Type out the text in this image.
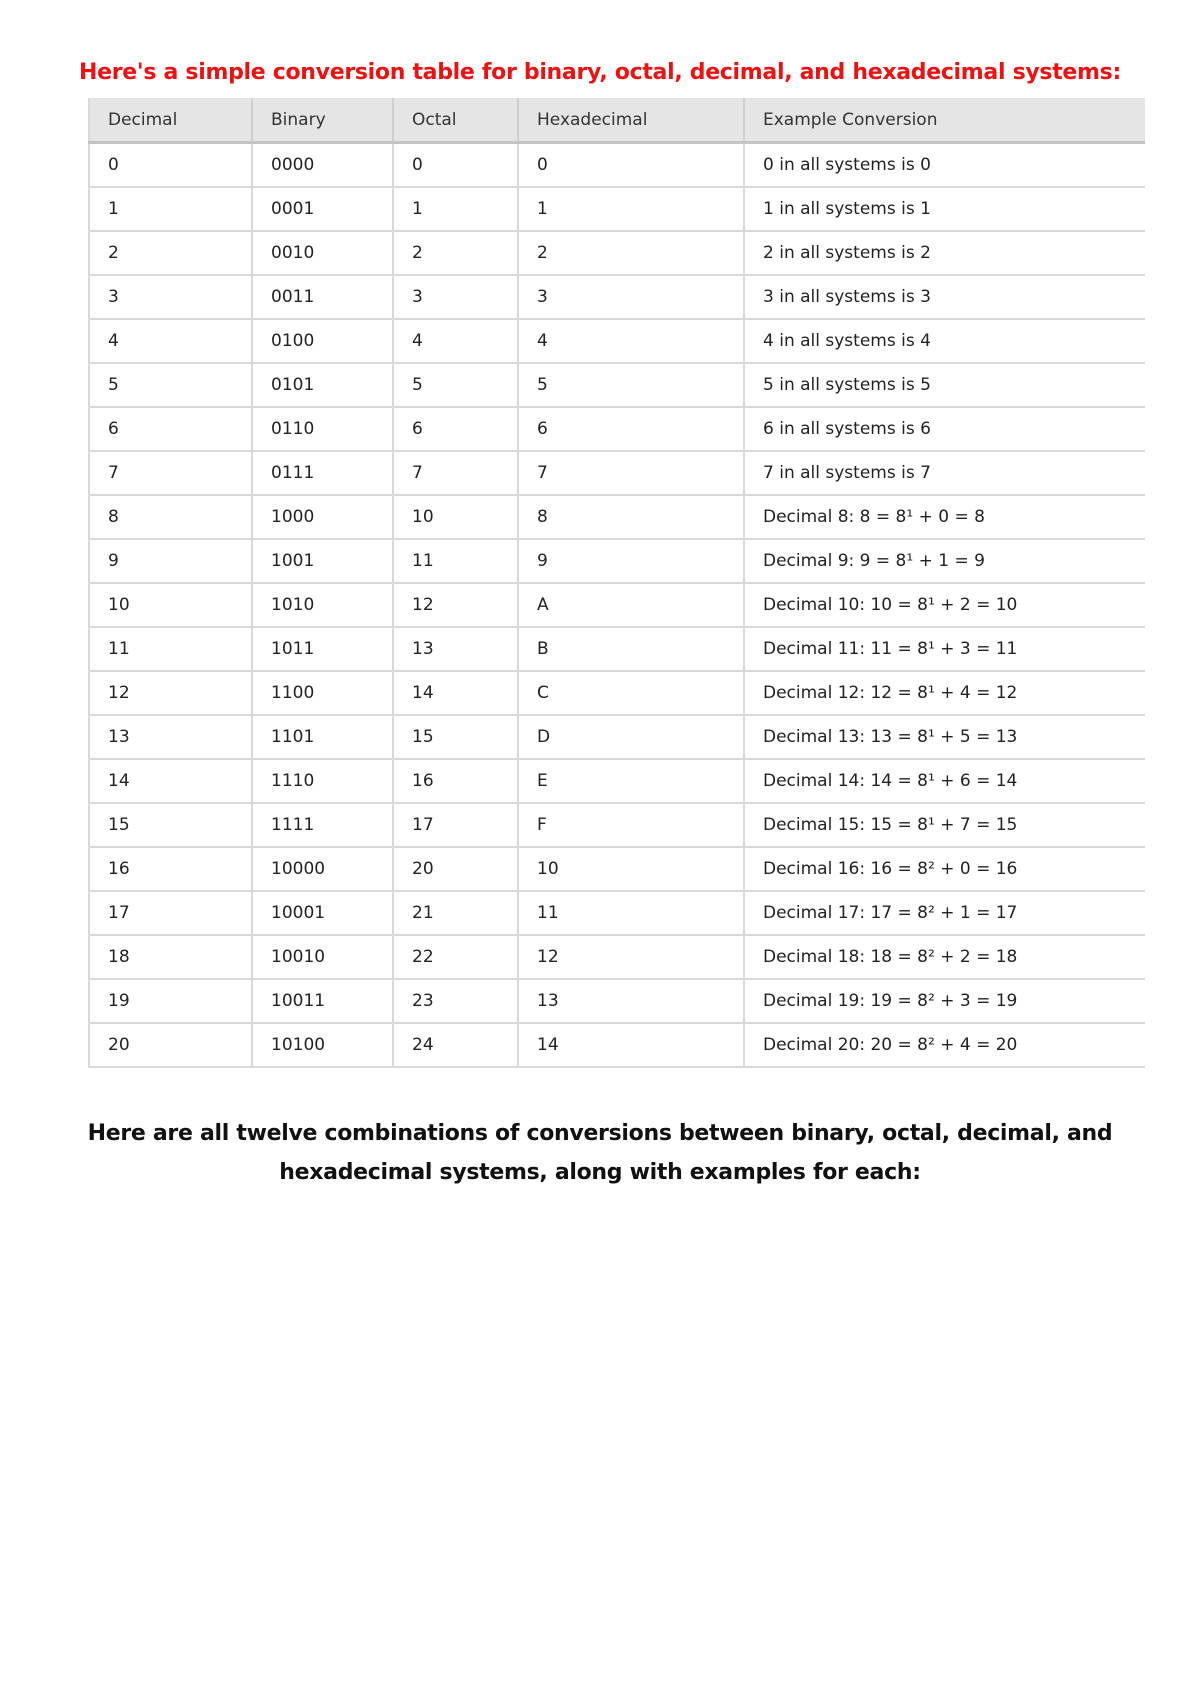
Here's a simple conversion table for binary, octal, decimal, and hexadecimal systems:
Decimal	Binary	Octal	Hexadecimal	Example Conversion
0	0000	0	0	0 in all systems is 0
1	0001	1	1	1 in all systems is 1
2	0010	2	2	2 in all systems is 2
3	0011	3	3	3 in all systems is 3
4	0100	4	4	4 in all systems is 4
5	0101	5	5	5 in all systems is 5
6	0110	6	6	6 in all systems is 6
7	0111	7	7	7 in all systems is 7
8	1000	10	8	Decimal 8: 8 = 8¹ + 0 = 8
9	1001	11	9	Decimal 9: 9 = 8¹ + 1 = 9
10	1010	12	A	Decimal 10: 10 = 8¹ + 2 = 10
11	1011	13	B	Decimal 11: 11 = 8¹ + 3 = 11
12	1100	14	C	Decimal 12: 12 = 8¹ + 4 = 12
13	1101	15	D	Decimal 13: 13 = 8¹ + 5 = 13
14	1110	16	E	Decimal 14: 14 = 8¹ + 6 = 14
15	1111	17	F	Decimal 15: 15 = 8¹ + 7 = 15
16	10000	20	10	Decimal 16: 16 = 8² + 0 = 16
17	10001	21	11	Decimal 17: 17 = 8² + 1 = 17
18	10010	22	12	Decimal 18: 18 = 8² + 2 = 18
19	10011	23	13	Decimal 19: 19 = 8² + 3 = 19
20	10100	24	14	Decimal 20: 20 = 8² + 4 = 20
Here are all twelve combinations of conversions between binary, octal, decimal, and
hexadecimal systems, along with examples for each:
